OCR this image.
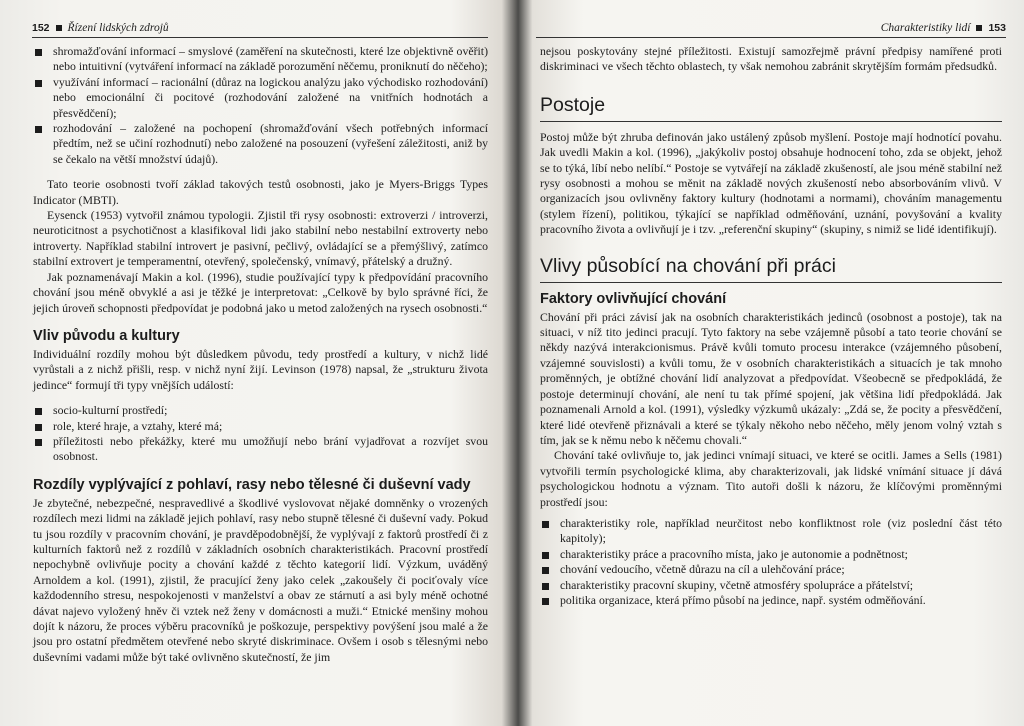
152 Řízení lidských zdrojů
shromažďování informací – smyslové (zaměření na skutečnosti, které lze objektivně ověřit) nebo intuitivní (vytváření informací na základě porozumění něčemu, proniknutí do něčeho);
využívání informací – racionální (důraz na logickou analýzu jako východisko rozhodování) nebo emocionální či pocitové (rozhodování založené na vnitřních hodnotách a přesvědčení);
rozhodování – založené na pochopení (shromažďování všech potřebných informací předtím, než se učiní rozhodnutí) nebo založené na posouzení (vyřešení záležitosti, aniž by se čekalo na větší množství údajů).

Tato teorie osobnosti tvoří základ takových testů osobnosti, jako je Myers-Briggs Types Indicator (MBTI).

Eysenck (1953) vytvořil známou typologii. Zjistil tři rysy osobnosti: extroverzi / introverzi, neuroticitnost a psychotičnost a klasifikoval lidi jako stabilní nebo nestabilní extroverty nebo introverty. Například stabilní introvert je pasivní, pečlivý, ovládající se a přemýšlivý, zatímco stabilní extrovert je temperamentní, otevřený, společenský, vnímavý, přátelský a družný.

Jak poznamenávají Makin a kol. (1996), studie používající typy k předpovídání pracovního chování jsou méně obvyklé a asi je těžké je interpretovat: „Celkově by bylo správné říci, že jejich úroveň schopnosti předpovídat je podobná jako u metod založených na rysech osobnosti.“

Vliv původu a kultury

Individuální rozdíly mohou být důsledkem původu, tedy prostředí a kultury, v nichž lidé vyrůstali a z nichž přišli, resp. v nichž nyní žijí. Levinson (1978) napsal, že „strukturu života jedince“ formují tři typy vnějších událostí:

socio-kulturní prostředí;
role, které hraje, a vztahy, které má;
příležitosti nebo překážky, které mu umožňují nebo brání vyjadřovat a rozvíjet svou osobnost.
Rozdíly vyplývající z pohlaví, rasy nebo tělesné či duševní vady

Je zbytečné, nebezpečné, nespravedlivé a škodlivé vyslovovat nějaké domněnky o vrozených rozdílech mezi lidmi na základě jejich pohlaví, rasy nebo stupně tělesné či duševní vady. Pokud tu jsou rozdíly v pracovním chování, je pravděpodobnější, že vyplývají z faktorů prostředí či z kulturních faktorů než z rozdílů v základních osobních charakteristikách. Pracovní prostředí nepochybně ovlivňuje pocity a chování každé z těchto kategorií lidí. Výzkum, uváděný Arnoldem a kol. (1991), zjistil, že pracující ženy jako celek „zakoušely či pociťovaly více každodenního stresu, nespokojenosti v manželství a obav ze stárnutí a asi byly méně ochotné dávat najevo vyložený hněv či vztek než ženy v domácnosti a muži.“ Etnické menšiny mohou dojít k názoru, že proces výběru pracovníků je poškozuje, perspektivy povýšení jsou malé a že jsou pro ostatní předmětem otevřené nebo skryté diskriminace. Ovšem i osob s tělesnými nebo duševními vadami může být také ovlivněno skutečností, že jim

Charakteristiky lidí 153

nejsou poskytovány stejné příležitosti. Existují samozřejmě právní předpisy namířené proti diskriminaci ve všech těchto oblastech, ty však nemohou zabránit skrytějším formám předsudků.

Postoje

Postoj může být zhruba definován jako ustálený způsob myšlení. Postoje mají hodnotící povahu. Jak uvedli Makin a kol. (1996), „jakýkoliv postoj obsahuje hodnocení toho, zda se objekt, jehož se to týká, líbí nebo nelíbí.“ Postoje se vytvářejí na základě zkušeností, ale jsou méně stabilní než rysy osobnosti a mohou se měnit na základě nových zkušeností nebo absorbováním vlivů. V organizacích jsou ovlivněny faktory kultury (hodnotami a normami), chováním managementu (stylem řízení), politikou, týkající se například odměňování, uznání, povyšování a kvality pracovního života a ovlivňují je i tzv. „referenční skupiny“ (skupiny, s nimiž se lidé identifikují).

Vlivy působící na chování při práci
Faktory ovlivňující chování

Chování při práci závisí jak na osobních charakteristikách jedinců (osobnost a postoje), tak na situaci, v níž tito jedinci pracují. Tyto faktory na sebe vzájemně působí a tato teorie chování se někdy nazývá interakcionismus. Právě kvůli tomuto procesu interakce (vzájemného působení, vzájemné souvislosti) a kvůli tomu, že v osobních charakteristikách a situacích je tak mnoho proměnných, je obtížné chování lidí analyzovat a předpovídat. Všeobecně se předpokládá, že postoje determinují chování, ale není tu tak přímé spojení, jak většina lidí předpokládá. Jak poznamenali Arnold a kol. (1991), výsledky výzkumů ukázaly: „Zdá se, že pocity a přesvědčení, které lidé otevřeně přiznávali a které se týkaly někoho nebo něčeho, měly jenom volný vztah s tím, jak se k němu nebo k něčemu chovali.“

Chování také ovlivňuje to, jak jedinci vnímají situaci, ve které se ocitli. James a Sells (1981) vytvořili termín psychologické klima, aby charakterizovali, jak lidské vnímání situace jí dává psychologickou hodnotu a význam. Tito autoři došli k názoru, že klíčovými proměnnými prostředí jsou:

charakteristiky role, například neurčitost nebo konfliktnost role (viz poslední část této kapitoly);
charakteristiky práce a pracovního místa, jako je autonomie a podnětnost;
chování vedoucího, včetně důrazu na cíl a ulehčování práce;
charakteristiky pracovní skupiny, včetně atmosféry spolupráce a přátelství;
politika organizace, která přímo působí na jedince, např. systém odměňování.
